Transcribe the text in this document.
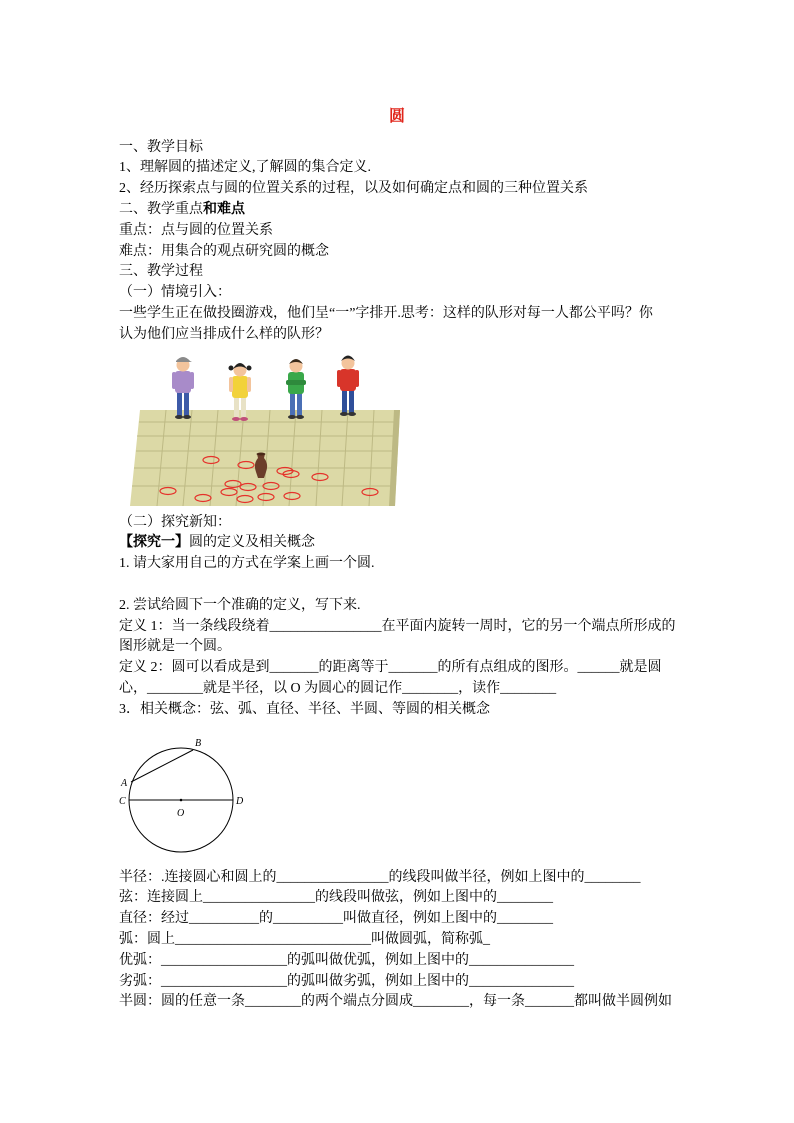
圆
一、教学目标
1、理解圆的描述定义,了解圆的集合定义.
2、经历探索点与圆的位置关系的过程，以及如何确定点和圆的三种位置关系
二、教学重点和难点
重点：点与圆的位置关系
难点：用集合的观点研究圆的概念
三、教学过程
（一）情境引入：
一些学生正在做投圈游戏，他们呈“一”字排开.思考：这样的队形对每一人都公平吗？你
认为他们应当排成什么样的队形？
（二）探究新知：
【探究一】圆的定义及相关概念
1. 请大家用自己的方式在学案上画一个圆.
2. 尝试给圆下一个准确的定义，写下来.
定义 1：当一条线段绕着________________在平面内旋转一周时，它的另一个端点所形成的
图形就是一个圆。
定义 2：圆可以看成是到_______的距离等于_______的所有点组成的图形。______就是圆
心，________就是半径，以 O 为圆心的圆记作________，读作________
3．相关概念：弦、弧、直径、半径、半圆、等圆的相关概念
A
B
C	D
O
半径：.连接圆心和圆上的________________的线段叫做半径，例如上图中的________
弦：连接圆上________________的线段叫做弦，例如上图中的________
直径：经过__________的__________叫做直径，例如上图中的________
弧：圆上____________________________叫做圆弧，简称弧_
优弧：__________________的弧叫做优弧，例如上图中的_______________
劣弧：__________________的弧叫做劣弧，例如上图中的_______________
半圆：圆的任意一条________的两个端点分圆成________，每一条_______都叫做半圆例如
